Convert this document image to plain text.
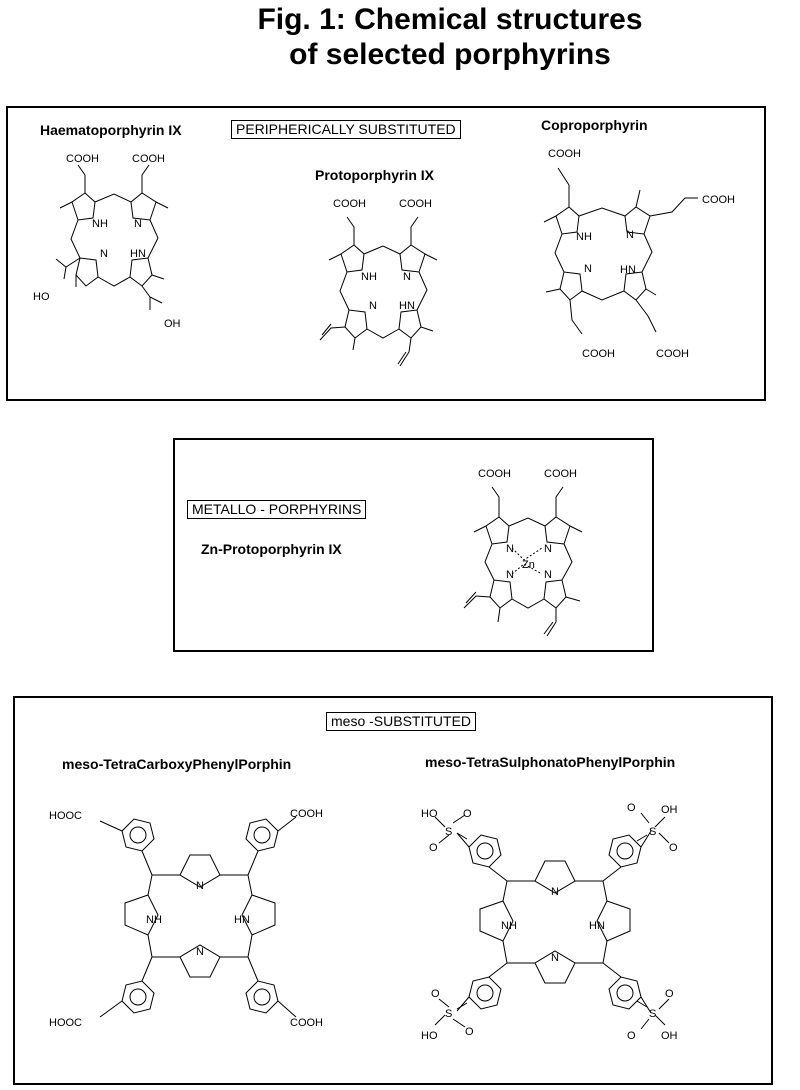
Fig. 1: Chemical structures
of selected porphyrins
PERIPHERICALLY SUBSTITUTED
Haematoporphyrin IX
Protoporphyrin IX
Coproporphyrin
METALLO - PORPHYRINS
Zn-Protoporphyrin IX
meso -SUBSTITUTED
meso-TetraCarboxyPhenylPorphin	meso-TetraSulphonatoPhenylPorphin
COOH	COOH
NH N
N HN
HO
OH
COOH	COOH
NH N
N HN
COOH
COOH
NH	N
N	HN
COOH	COOH
COOH	COOH
N	N
Zn
N	N
HOOC	COOH
N
NH	HN
N
HOOC	COOH
HO
S
O
O
O
S
OH
O
N
NH	HN
N
O
S
HO	O
O
S
O OH
